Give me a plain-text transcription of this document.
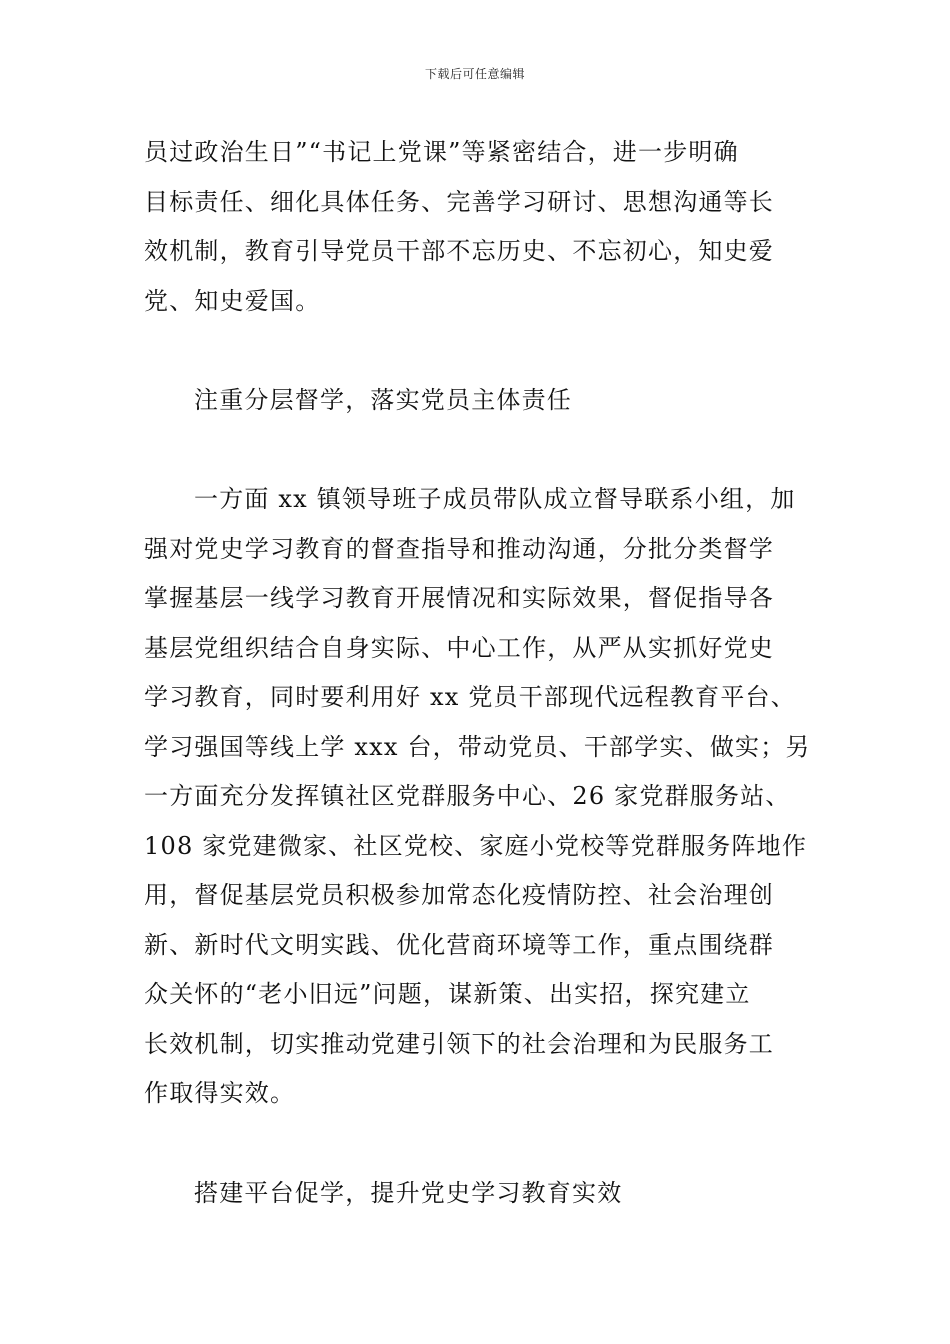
下载后可任意编辑
员过政治生日”“书记上党课”等紧密结合，进一步明确
目标责任、细化具体任务、完善学习研讨、思想沟通等长
效机制，教育引导党员干部不忘历史、不忘初心，知史爱
党、知史爱国。
注重分层督学，落实党员主体责任
一方面 xx 镇领导班子成员带队成立督导联系小组，加
强对党史学习教育的督查指导和推动沟通，分批分类督学
掌握基层一线学习教育开展情况和实际效果，督促指导各
基层党组织结合自身实际、中心工作，从严从实抓好党史
学习教育，同时要利用好 xx 党员干部现代远程教育平台、
学习强国等线上学 xxx 台，带动党员、干部学实、做实；另
一方面充分发挥镇社区党群服务中心、26 家党群服务站、
108 家党建微家、社区党校、家庭小党校等党群服务阵地作
用，督促基层党员积极参加常态化疫情防控、社会治理创
新、新时代文明实践、优化营商环境等工作，重点围绕群
众关怀的“老小旧远”问题，谋新策、出实招，探究建立
长效机制，切实推动党建引领下的社会治理和为民服务工
作取得实效。
搭建平台促学，提升党史学习教育实效
